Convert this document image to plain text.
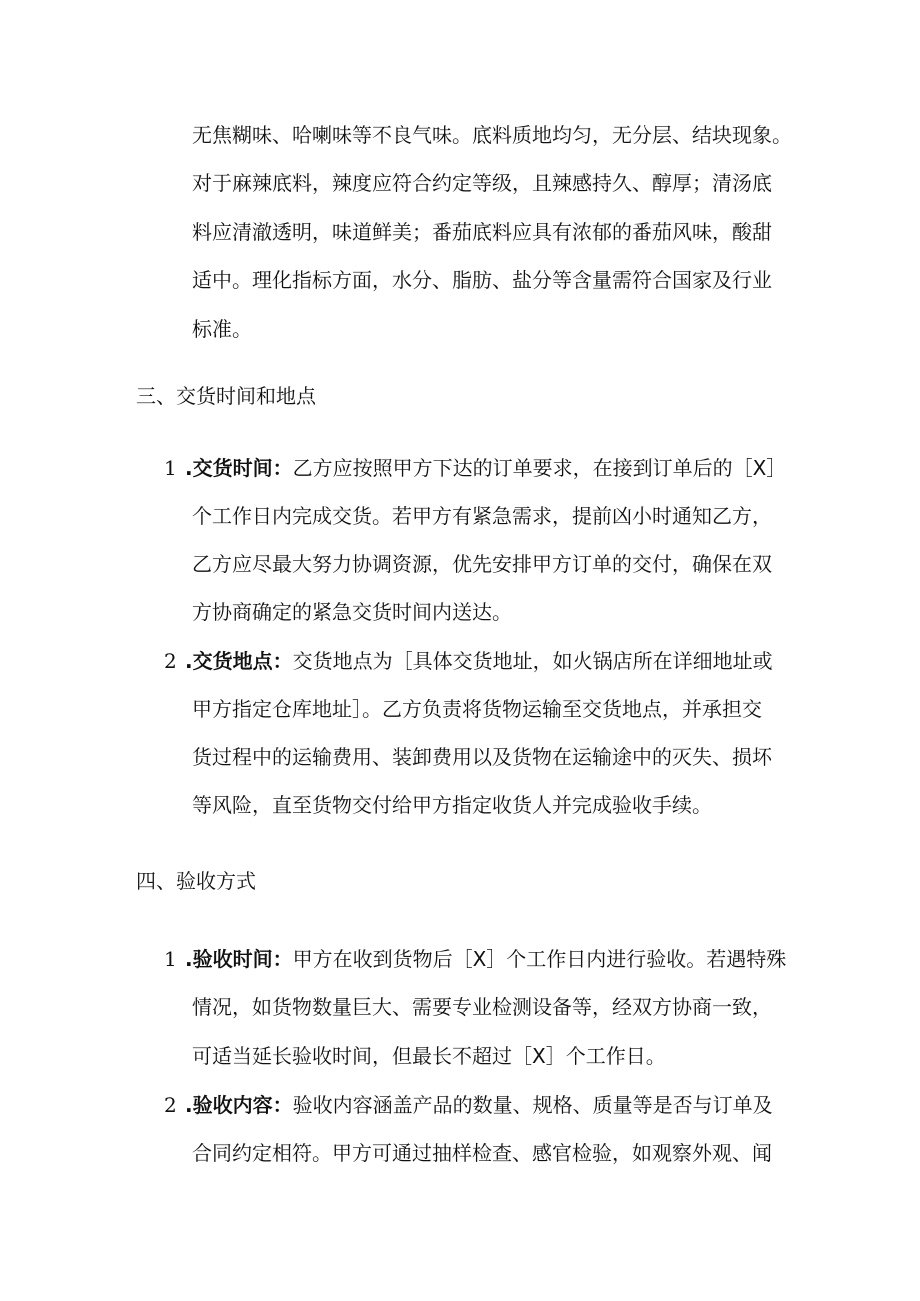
无焦糊味、哈喇味等不良气味。底料质地均匀，无分层、结块现象。
对于麻辣底料，辣度应符合约定等级，且辣感持久、醇厚；清汤底
料应清澈透明，味道鲜美；番茄底料应具有浓郁的番茄风味，酸甜
适中。理化指标方面，水分、脂肪、盐分等含量需符合国家及行业
标准。
三、交货时间和地点
1 .交货时间：乙方应按照甲方下达的订单要求，在接到订单后的［X］
个工作日内完成交货。若甲方有紧急需求，提前凶小时通知乙方，
乙方应尽最大努力协调资源，优先安排甲方订单的交付，确保在双
方协商确定的紧急交货时间内送达。
2 .交货地点：交货地点为［具体交货地址，如火锅店所在详细地址或
甲方指定仓库地址］。乙方负责将货物运输至交货地点，并承担交
货过程中的运输费用、装卸费用以及货物在运输途中的灭失、损坏
等风险，直至货物交付给甲方指定收货人并完成验收手续。
四、验收方式
1 .验收时间：甲方在收到货物后［X］个工作日内进行验收。若遇特殊
情况，如货物数量巨大、需要专业检测设备等，经双方协商一致，
可适当延长验收时间，但最长不超过［X］个工作日。
2 .验收内容：验收内容涵盖产品的数量、规格、质量等是否与订单及
合同约定相符。甲方可通过抽样检查、感官检验，如观察外观、闻
